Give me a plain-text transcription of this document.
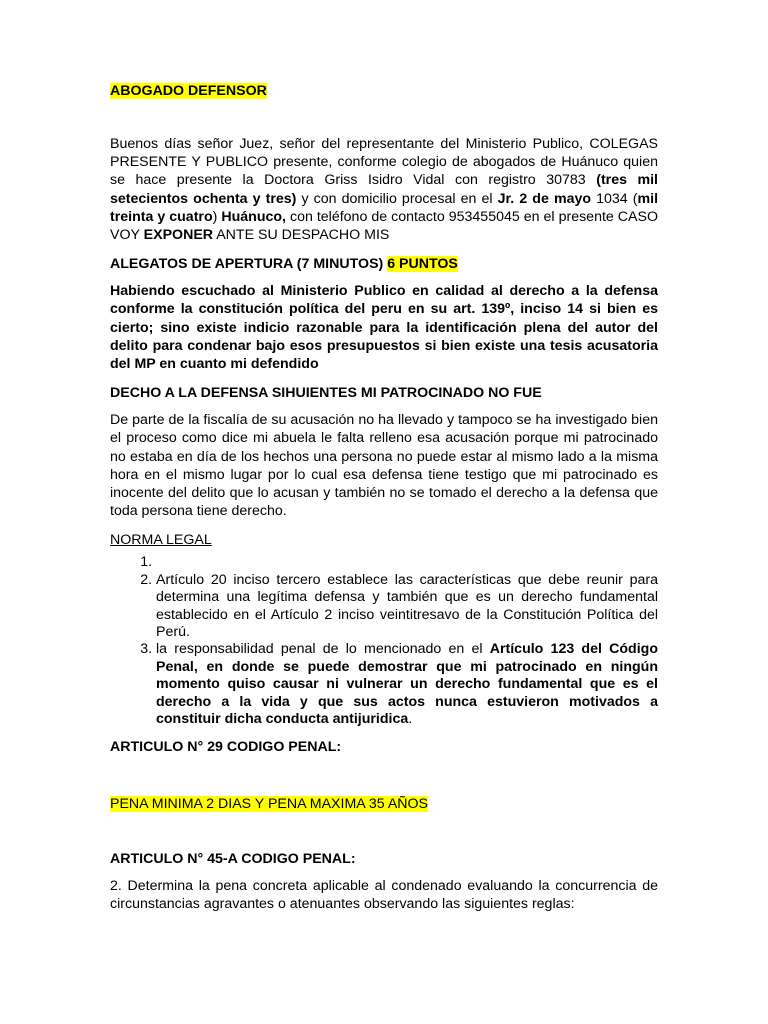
ABOGADO DEFENSOR

Buenos días señor Juez, señor del representante del Ministerio Publico, COLEGAS PRESENTE Y PUBLICO presente, conforme colegio de abogados de Huánuco quien se hace presente la Doctora Griss Isidro Vidal con registro 30783 (tres mil setecientos ochenta y tres) y con domicilio procesal en el Jr. 2 de mayo 1034 (mil treinta y cuatro) Huánuco, con teléfono de contacto 953455045 en el presente CASO VOY EXPONER ANTE SU DESPACHO MIS

ALEGATOS DE APERTURA (7 MINUTOS) 6 PUNTOS

Habiendo escuchado al Ministerio Publico en calidad al derecho a la defensa conforme la constitución política del peru en su art. 139º, inciso 14 si bien es cierto; sino existe indicio razonable para la identificación plena del autor del delito para condenar bajo esos presupuestos si bien existe una tesis acusatoria del MP en cuanto mi defendido

DECHO A LA DEFENSA SIHUIENTES MI PATROCINADO NO FUE

De parte de la fiscalía de su acusación no ha llevado y tampoco se ha investigado bien el proceso como dice mi abuela le falta relleno esa acusación porque mi patrocinado no estaba en día de los hechos una persona no puede estar al mismo lado a la misma hora en el mismo lugar por lo cual esa defensa tiene testigo que mi patrocinado es inocente del delito que lo acusan y también no se tomado el derecho a la defensa que toda persona tiene derecho.

NORMA LEGAL

1.
2. Artículo 20 inciso tercero establece las características que debe reunir para determina una legítima defensa y también que es un derecho fundamental establecido en el Artículo 2 inciso veintitresavo de la Constitución Política del Perú.
3. la responsabilidad penal de lo mencionado en el Artículo 123 del Código Penal, en donde se puede demostrar que mi patrocinado en ningún momento quiso causar ni vulnerar un derecho fundamental que es el derecho a la vida y que sus actos nunca estuvieron motivados a constituir dicha conducta antijuridica.

ARTICULO N° 29 CODIGO PENAL:

PENA MINIMA 2 DIAS Y PENA MAXIMA 35 AÑOS

ARTICULO N° 45-A CODIGO PENAL:

2. Determina la pena concreta aplicable al condenado evaluando la concurrencia de circunstancias agravantes o atenuantes observando las siguientes reglas:
